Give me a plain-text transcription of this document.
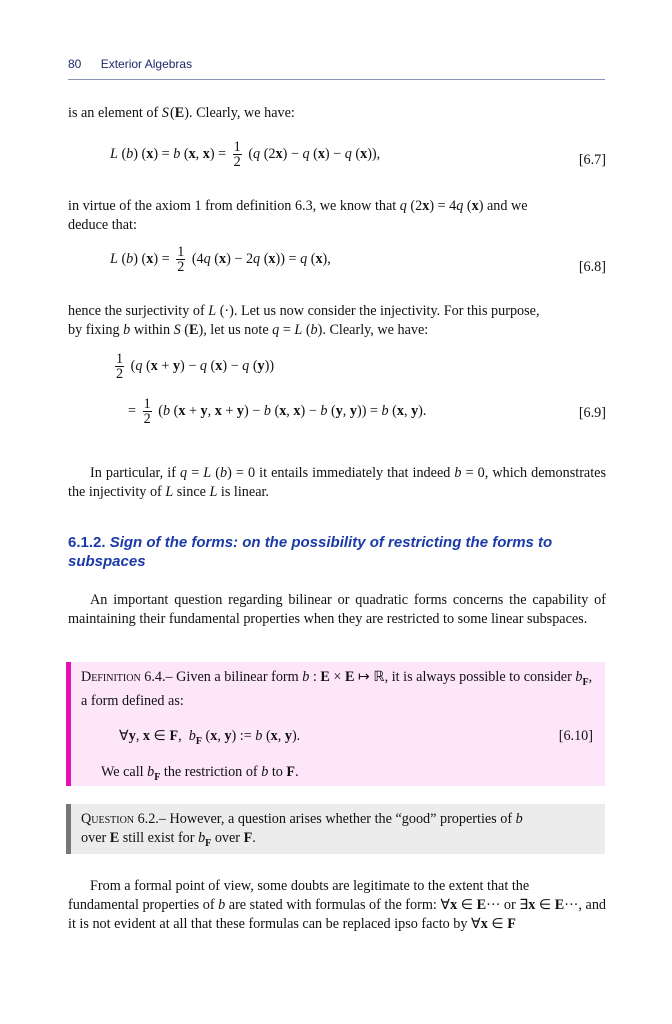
80 Exterior Algebras
is an element of S (E). Clearly, we have:
L (b) (x) = b (x, $x) = \frac{1}{2} (q$ (2x) − q (x) − q (x)),	[6.7]
in virtue of the axiom 1 from definition 6.3, we know that q (2x) = 4q (x) and we
deduce that:
L (b) $(x) = \frac{1}{2} (4q$ (x) − 2q (x)) = q (x),
[6.8]
hence the surjectivity of L (·). Let us now consider the injectivity. For this purpose,
by fixing b within S (E), let us note q = L (b). Clearly, we have:
$\frac{1}{2} (q$ (x + y) − q (x) − q (y))
= $\frac{1}{2} (b$ (x + y, x + y) − b (x, x) − b (y, y)) = b (x, y).	[6.9]
In particular, if q = L (b) = 0 it entails immediately that indeed b = 0, which demonstrates the injectivity of L since L is linear.
6.1.2. Sign of the forms: on the possibility of restricting the forms to subspaces
An important question regarding bilinear or quadratic forms concerns the capability of maintaining their fundamental properties when they are restricted to some linear subspaces.
Definition 6.4.– Given a bilinear form b : E × E ↦ ℝ, it is always possible to consider $b_F$, a form defined as:
∀y, x ∈ F,  $b_F$ (x, y) := b (x, y).	[6.10]
We call $b_F$ the restriction of b to F.
Question 6.2.– However, a question arises whether the “good” properties of b
over E still exist for $b_F$ over F.
From a formal point of view, some doubts are legitimate to the extent that the
fundamental properties of b are stated with formulas of the form: ∀x ∈ E··· or ∃x ∈ E···, and it is not evident at all that these formulas can be replaced ipso facto by ∀x ∈ F
